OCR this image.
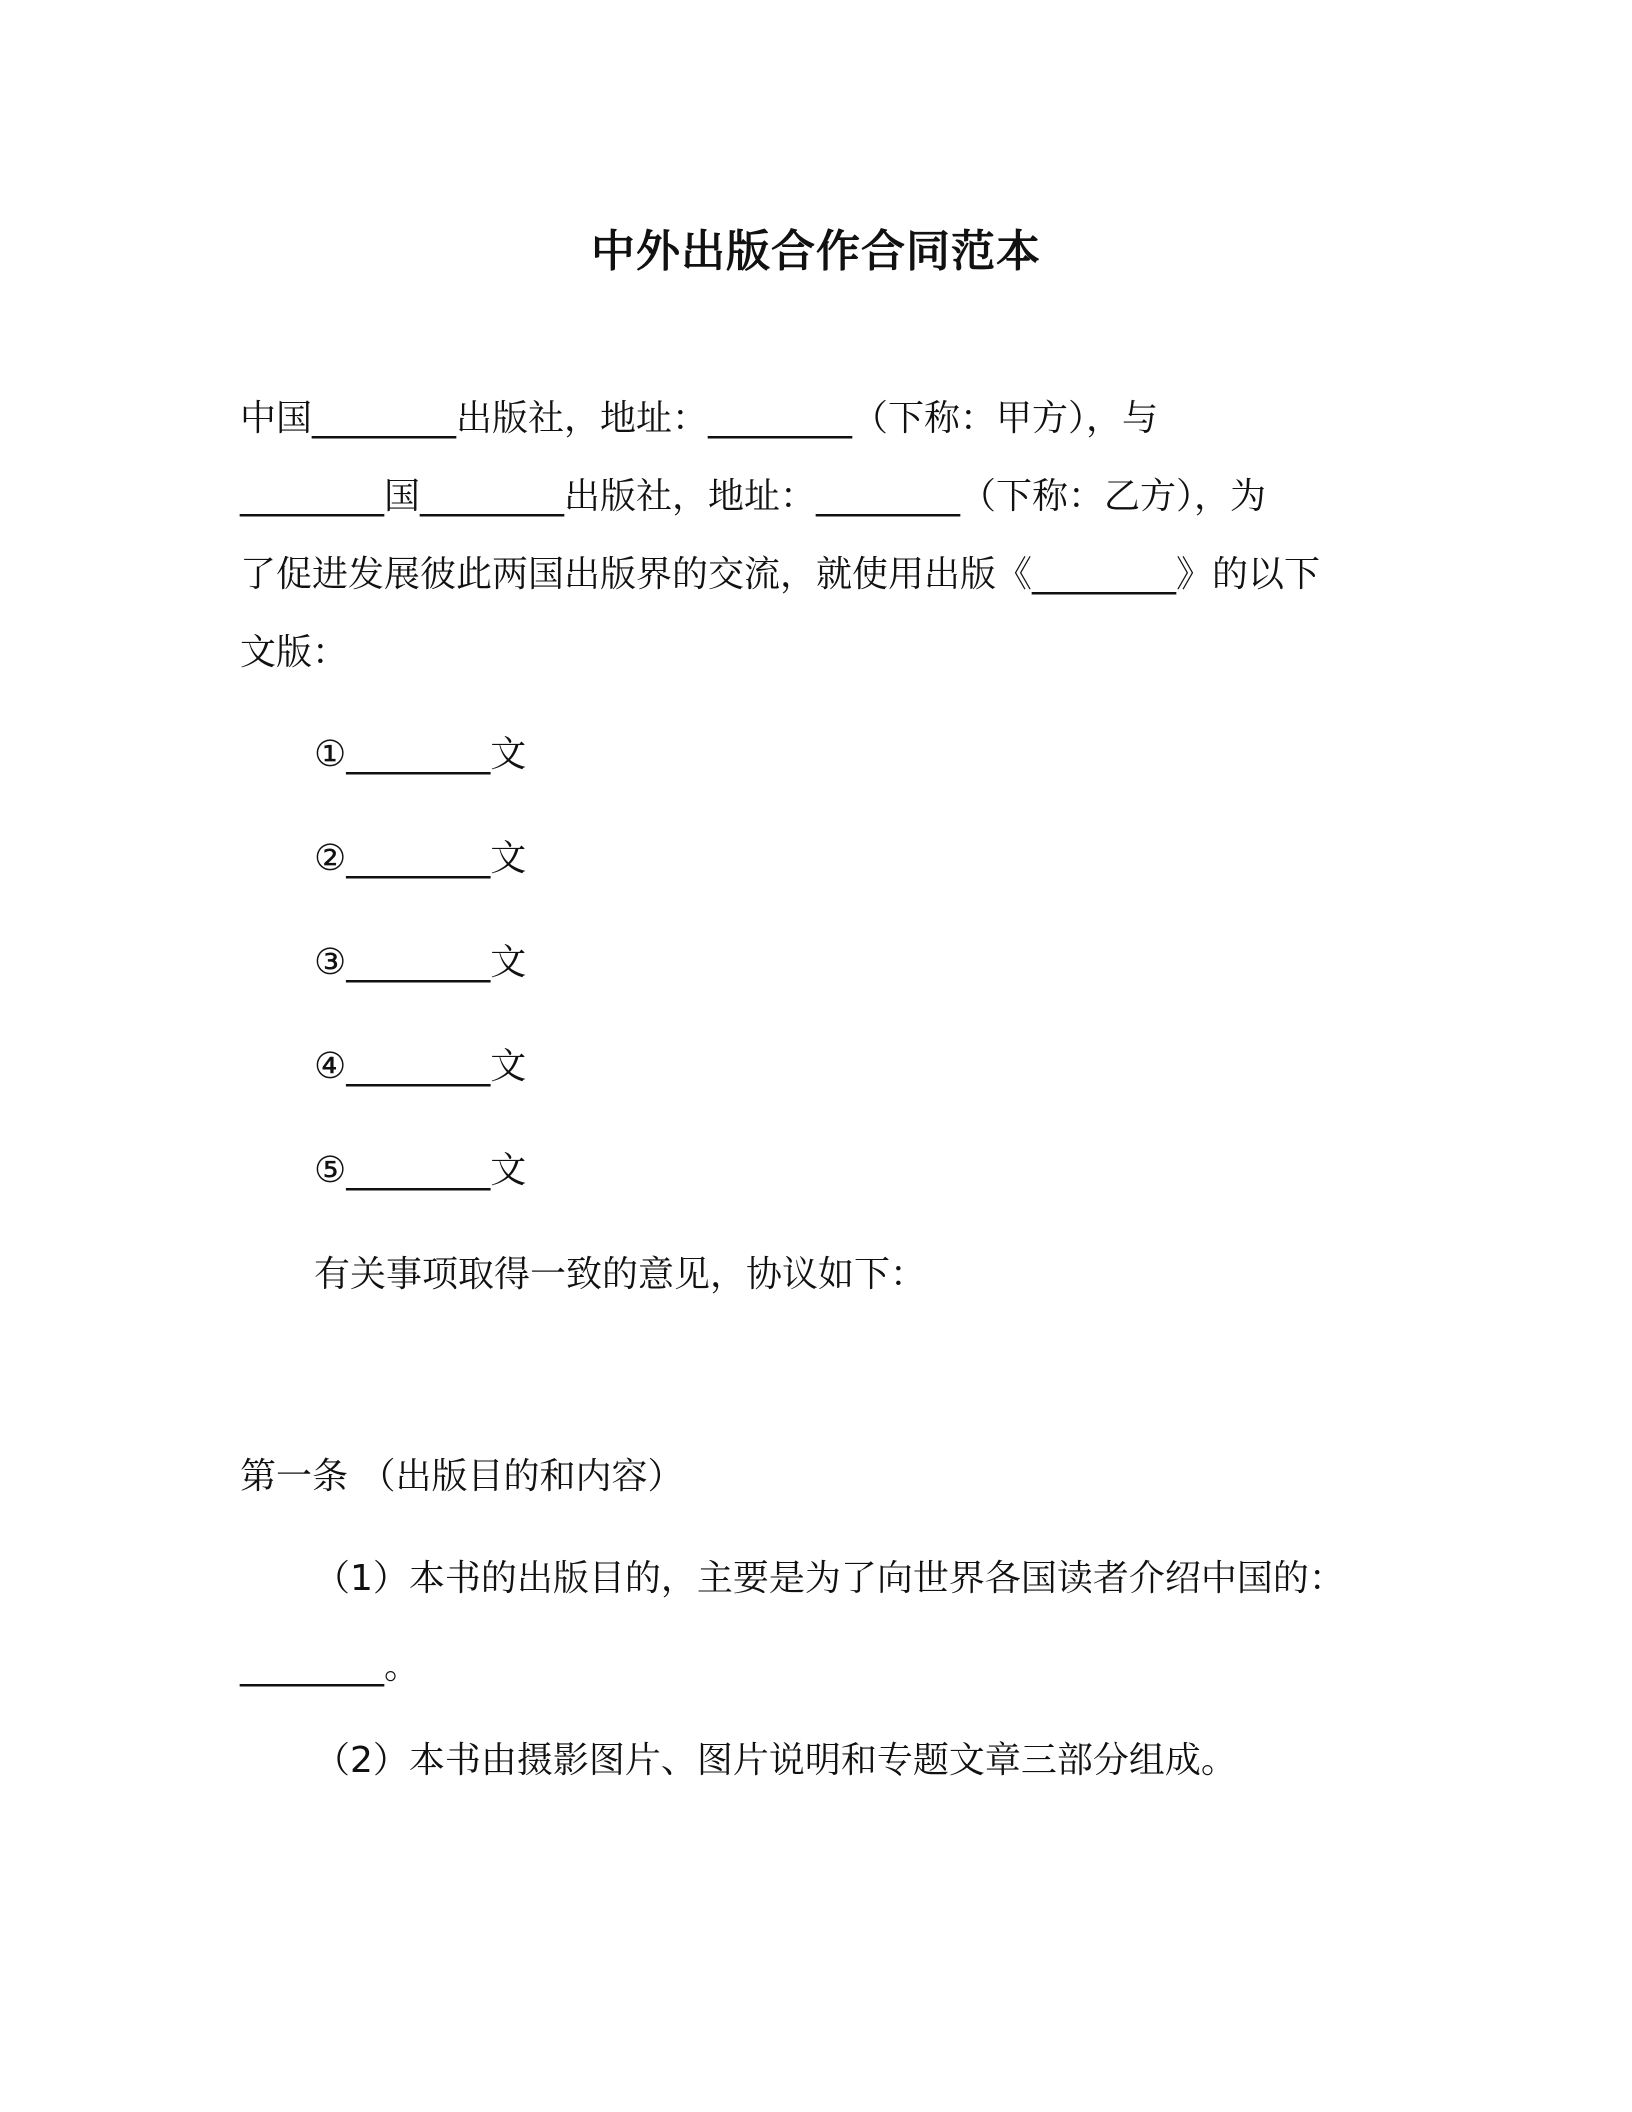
中外出版合作合同范本
中国________出版社，地址：________（下称：甲方），与
________国________出版社，地址：________（下称：乙方），为
了促进发展彼此两国出版界的交流，就使用出版《________》的以下
文版：
①________文
②________文
③________文
④________文
⑤________文
有关事项取得一致的意见，协议如下：
第一条 （出版目的和内容）
（1）本书的出版目的，主要是为了向世界各国读者介绍中国的：
________。
（2）本书由摄影图片、图片说明和专题文章三部分组成。
